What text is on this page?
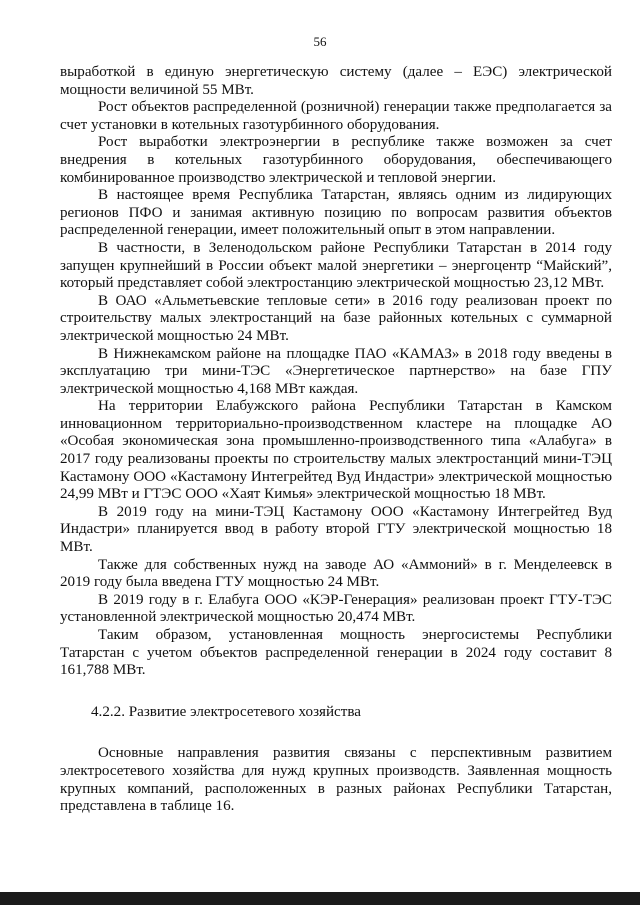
56

выработкой в единую энергетическую систему (далее – ЕЭС) электрической мощности величиной 55 МВт.

Рост объектов распределенной (розничной) генерации также предполагается за счет установки в котельных газотурбинного оборудования.

Рост выработки электроэнергии в республике также возможен за счет внедрения в котельных газотурбинного оборудования, обеспечивающего комбинированное производство электрической и тепловой энергии.

В настоящее время Республика Татарстан, являясь одним из лидирующих регионов ПФО и занимая активную позицию по вопросам развития объектов распределенной генерации, имеет положительный опыт в этом направлении.

В частности, в Зеленодольском районе Республики Татарстан в 2014 году запущен крупнейший в России объект малой энергетики – энергоцентр “Майский”, который представляет собой электростанцию электрической мощностью 23,12 МВт.

В ОАО «Альметьевские тепловые сети» в 2016 году реализован проект по строительству малых электростанций на базе районных котельных с суммарной электрической мощностью 24 МВт.

В Нижнекамском районе на площадке ПАО «КАМАЗ» в 2018 году введены в эксплуатацию три мини-ТЭС «Энергетическое партнерство» на базе ГПУ электрической мощностью 4,168 МВт каждая.

На территории Елабужского района Республики Татарстан в Камском инновационном территориально-производственном кластере на площадке АО «Особая экономическая зона промышленно-производственного типа «Алабуга» в 2017 году реализованы проекты по строительству малых электростанций мини-ТЭЦ Кастамону ООО «Кастамону Интегрейтед Вуд Индастри» электрической мощностью 24,99 МВт и ГТЭС ООО «Хаят Кимья» электрической мощностью 18 МВт.

В 2019 году на мини-ТЭЦ Кастамону ООО «Кастамону Интегрейтед Вуд Индастри» планируется ввод в работу второй ГТУ электрической мощностью 18 МВт.

Также для собственных нужд на заводе АО «Аммоний» в г. Менделеевск в 2019 году была введена ГТУ мощностью 24 МВт.

В 2019 году в г. Елабуга ООО «КЭР-Генерация» реализован проект ГТУ-ТЭС установленной электрической мощностью 20,474 МВт.

Таким образом, установленная мощность энергосистемы Республики Татарстан с учетом объектов распределенной генерации в 2024 году составит 8 161,788 МВт.

4.2.2. Развитие электросетевого хозяйства

Основные направления развития связаны с перспективным развитием электросетевого хозяйства для нужд крупных производств. Заявленная мощность крупных компаний, расположенных в разных районах Республики Татарстан, представлена в таблице 16.
